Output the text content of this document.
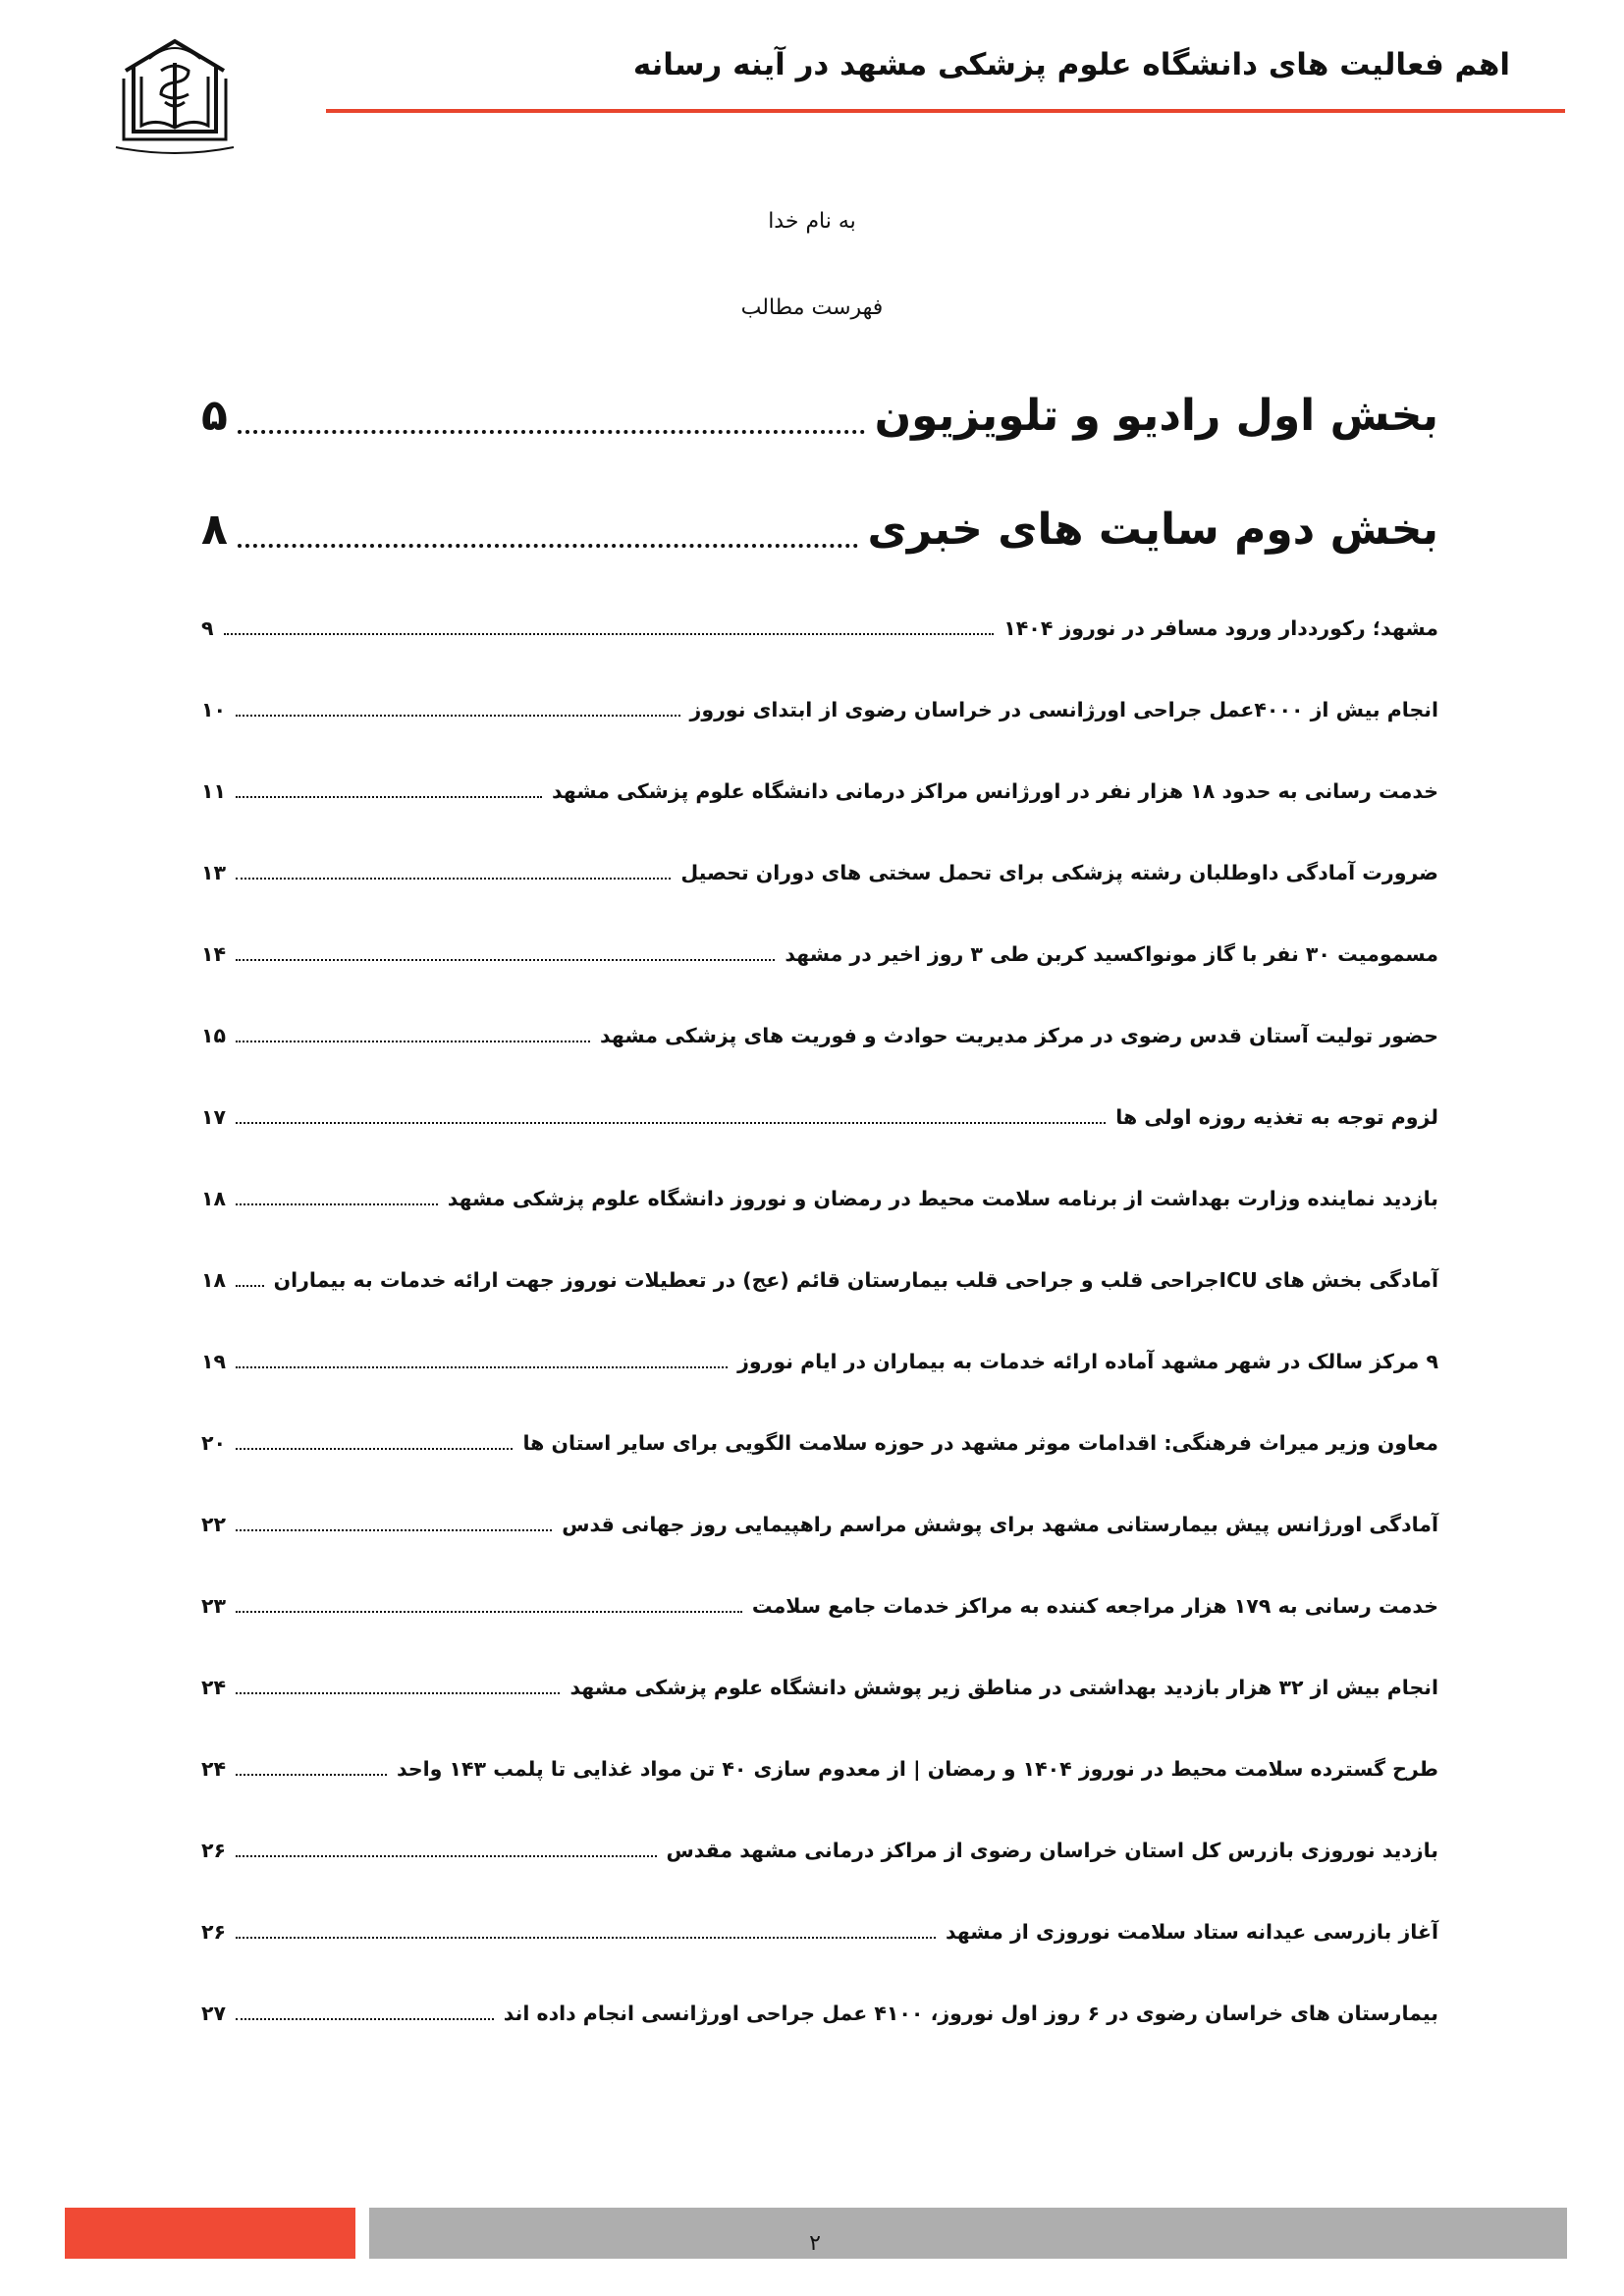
اهم فعالیت های دانشگاه علوم پزشکی مشهد در آینه رسانه
به نام خدا
فهرست مطالب
بخش اول رادیو و تلویزیون
۵
بخش دوم سایت های خبری
۸
مشهد؛ رکورددار ورود مسافر در نوروز ۱۴۰۴
۹
انجام بیش از ۴۰۰۰عمل جراحی اورژانسی در خراسان رضوی از ابتدای نوروز
۱۰
خدمت رسانی به حدود ۱۸ هزار نفر در اورژانس مراکز درمانی دانشگاه علوم پزشکی مشهد
۱۱
ضرورت آمادگی داوطلبان رشته پزشکی برای تحمل سختی های دوران تحصیل
۱۳
مسمومیت ۳۰ نفر با گاز مونواکسید کربن طی ۳ روز اخیر در مشهد
۱۴
حضور تولیت آستان قدس رضوی در مرکز مدیریت حوادث و فوریت های پزشکی مشهد
۱۵
لزوم توجه به تغذیه روزه اولی ها
۱۷
بازدید نماینده وزارت بهداشت از برنامه سلامت محیط در رمضان و نوروز دانشگاه علوم پزشکی مشهد
۱۸
آمادگی بخش های ICUجراحی قلب و جراحی قلب بیمارستان قائم (عج) در تعطیلات نوروز جهت ارائه خدمات به بیماران
۱۸
۹ مرکز سالک در شهر مشهد آماده ارائه خدمات به بیماران در ایام نوروز
۱۹
معاون وزیر میراث فرهنگی: اقدامات موثر مشهد در حوزه سلامت الگویی برای سایر استان ها
۲۰
آمادگی اورژانس پیش بیمارستانی مشهد برای پوشش مراسم راهپیمایی روز جهانی قدس
۲۲
خدمت رسانی به ۱۷۹ هزار مراجعه کننده به مراکز خدمات جامع سلامت
۲۳
انجام بیش از ۳۲ هزار بازدید بهداشتی در مناطق زیر پوشش دانشگاه علوم پزشکی مشهد
۲۴
طرح گسترده سلامت محیط در نوروز ۱۴۰۴ و رمضان | از معدوم سازی ۴۰ تن مواد غذایی تا پلمب ۱۴۳ واحد
۲۴
بازدید نوروزی بازرس کل استان خراسان رضوی از مراکز درمانی مشهد مقدس
۲۶
آغاز بازرسی عیدانه ستاد سلامت نوروزی از مشهد
۲۶
بیمارستان های خراسان رضوی در ۶ روز اول نوروز، ۴۱۰۰ عمل جراحی اورژانسی انجام داده اند
۲۷
۲
